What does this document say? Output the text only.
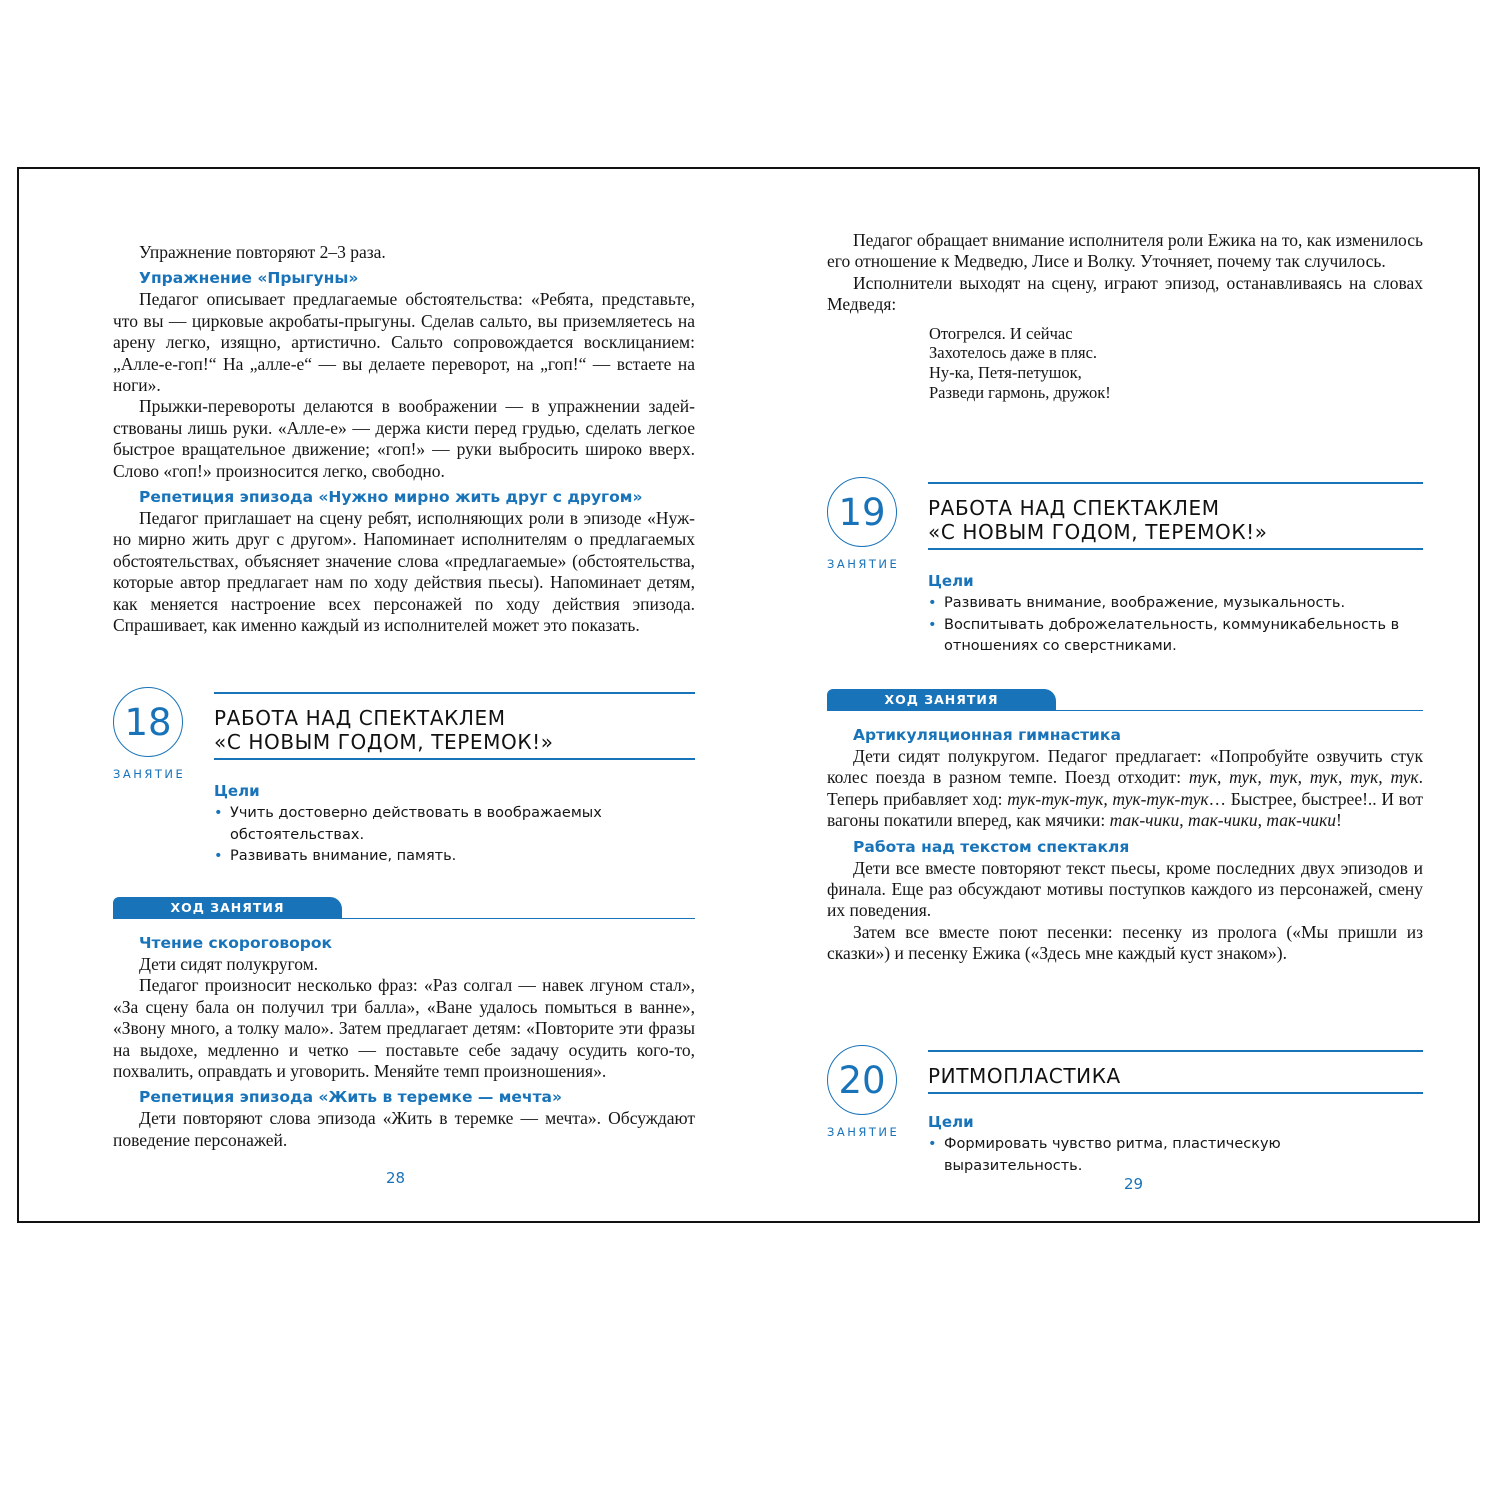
Упражнение повторяют 2–3 раза.

Упражнение «Прыгуны»

Педагог описывает предлагаемые обстоятельства: «Ребята, представьте, что вы — цирковые акробаты-прыгуны. Сделав сальто, вы приземляетесь на арену легко, изящно, артистично. Сальто сопровождается восклицанием: „Алле-е-гоп!“ На „алле-е“ — вы делаете переворот, на „гоп!“ — встаете на ноги».

Прыжки-перевороты делаются в воображении — в упражнении задействованы лишь руки. «Алле-е» — держа кисти перед грудью, сделать легкое быстрое вращательное движение; «гоп!» — руки выбросить широко вверх. Слово «гоп!» произносится легко, свободно.

Репетиция эпизода «Нужно мирно жить друг с другом»

Педагог приглашает на сцену ребят, исполняющих роли в эпизоде «Нужно мирно жить друг с другом». Напоминает исполнителям о предлагаемых обстоятельствах, объясняет значение слова «предлагаемые» (обстоятельства, которые автор предлагает нам по ходу действия пьесы). Напоминает детям, как меняется настроение всех персонажей по ходу действия эпизода. Спрашивает, как именно каждый из исполнителей может это показать.

18
ЗАНЯТИЕ

РАБОТА НАД СПЕКТАКЛЕМ
«С НОВЫМ ГОДОМ, ТЕРЕМОК!»

Цели

• Учить достоверно действовать в воображаемых обстоятельствах.

• Развивать внимание, память.

ХОД ЗАНЯТИЯ

Чтение скороговорок

Дети сидят полукругом.

Педагог произносит несколько фраз: «Раз солгал — навек лгуном стал», «За сцену бала он получил три балла», «Ване удалось помыться в ванне», «Звону много, а толку мало». Затем предлагает детям: «Повторите эти фразы на выдохе, медленно и четко — поставьте себе задачу осудить кого-то, похвалить, оправдать и уговорить. Меняйте темп произношения».

Репетиция эпизода «Жить в теремке — мечта»

Дети повторяют слова эпизода «Жить в теремке — мечта». Обсуждают поведение персонажей.

28

Педагог обращает внимание исполнителя роли Ежика на то, как изменилось его отношение к Медведю, Лисе и Волку. Уточняет, почему так случилось.

Исполнители выходят на сцену, играют эпизод, останавливаясь на словах Медведя:

Отогрелся. И сейчас
Захотелось даже в пляс.
Ну-ка, Петя-петушок,
Разведи гармонь, дружок!
19
ЗАНЯТИЕ

РАБОТА НАД СПЕКТАКЛЕМ
«С НОВЫМ ГОДОМ, ТЕРЕМОК!»

Цели

• Развивать внимание, воображение, музыкальность.

• Воспитывать доброжелательность, коммуникабельность в отношениях со сверстниками.

ХОД ЗАНЯТИЯ

Артикуляционная гимнастика

Дети сидят полукругом. Педагог предлагает: «Попробуйте озвучить стук колес поезда в разном темпе. Поезд отходит: тук, тук, тук, тук, тук, тук. Теперь прибавляет ход: тук-тук-тук, тук-тук-тук… Быстрее, быстрее!.. И вот вагоны покатили вперед, как мячики: так-чики, так-чики, так-чики!

Работа над текстом спектакля

Дети все вместе повторяют текст пьесы, кроме последних двух эпизодов и финала. Еще раз обсуждают мотивы поступков каждого из персонажей, смену их поведения.

Затем все вместе поют песенки: песенку из пролога («Мы пришли из сказки») и песенку Ежика («Здесь мне каждый куст знаком»).

20
ЗАНЯТИЕ

РИТМОПЛАСТИКА

Цели

• Формировать чувство ритма, пластическую выразительность.

29
